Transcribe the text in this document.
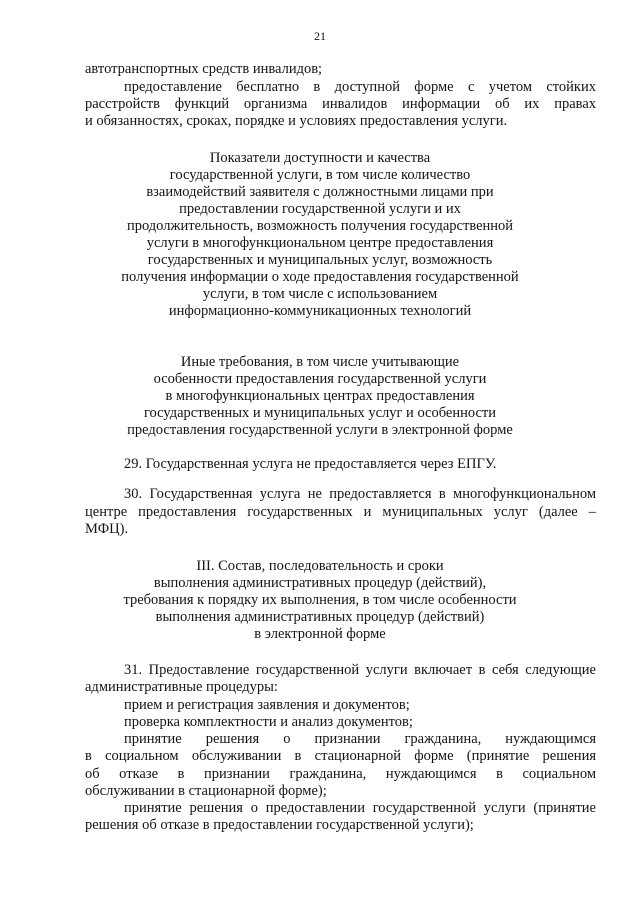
21
автотранспортных средств инвалидов;
предоставление бесплатно в доступной форме с учетом стойких
расстройств функций организма инвалидов информации об их правах
и обязанностях, сроках, порядке и условиях предоставления услуги.
Показатели доступности и качества
государственной услуги, в том числе количество
взаимодействий заявителя с должностными лицами при
предоставлении государственной услуги и их
продолжительность, возможность получения государственной
услуги в многофункциональном центре предоставления
государственных и муниципальных услуг, возможность
получения информации о ходе предоставления государственной
услуги, в том числе с использованием
информационно-коммуникационных технологий
Иные требования, в том числе учитывающие
особенности предоставления государственной услуги
в многофункциональных центрах предоставления
государственных и муниципальных услуг и особенности
предоставления государственной услуги в электронной форме
29. Государственная услуга не предоставляется через ЕПГУ.
30. Государственная услуга не предоставляется в многофункциональном
центре предоставления государственных и муниципальных услуг (далее –
МФЦ).
III. Состав, последовательность и сроки
выполнения административных процедур (действий),
требования к порядку их выполнения, в том числе особенности
выполнения административных процедур (действий)
в электронной форме
31. Предоставление государственной услуги включает в себя следующие
административные процедуры:
прием и регистрация заявления и документов;
проверка комплектности и анализ документов;
принятие решения о признании гражданина, нуждающимся
в социальном обслуживании в стационарной форме (принятие решения
об отказе в признании гражданина, нуждающимся в социальном
обслуживании в стационарной форме);
принятие решения о предоставлении государственной услуги (принятие
решения об отказе в предоставлении государственной услуги);
